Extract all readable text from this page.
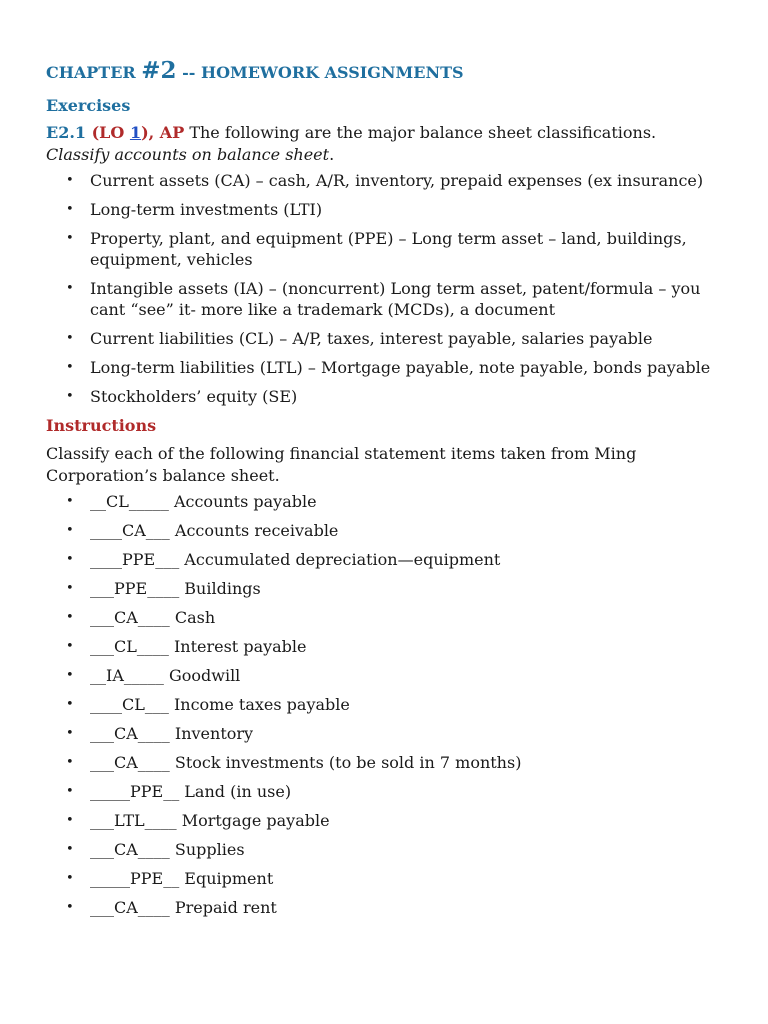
CHAPTER #2 -- HOMEWORK ASSIGNMENTS
Exercises

E2.1 (LO 1), AP The following are the major balance sheet classifications.
Classify accounts on balance sheet.

• Current assets (CA) – cash, A/R, inventory, prepaid expenses (ex insurance)
• Long-term investments (LTI)
• Property, plant, and equipment (PPE) – Long term asset – land, buildings, equipment, vehicles
• Intangible assets (IA) – (noncurrent) Long term asset, patent/formula – you cant “see” it- more like a trademark (MCDs), a document
• Current liabilities (CL) – A/P, taxes, interest payable, salaries payable
• Long-term liabilities (LTL) – Mortgage payable, note payable, bonds payable
• Stockholders’ equity (SE)
Instructions

Classify each of the following financial statement items taken from Ming Corporation’s balance sheet.

• __CL_____ Accounts payable
• ____CA___ Accounts receivable
• ____PPE___ Accumulated depreciation—equipment
• ___PPE____ Buildings
• ___CA____ Cash
• ___CL____ Interest payable
• __IA_____ Goodwill
• ____CL___ Income taxes payable
• ___CA____ Inventory
• ___CA____ Stock investments (to be sold in 7 months)
• _____PPE__ Land (in use)
• ___LTL____ Mortgage payable
• ___CA____ Supplies
• _____PPE__ Equipment
• ___CA____ Prepaid rent
